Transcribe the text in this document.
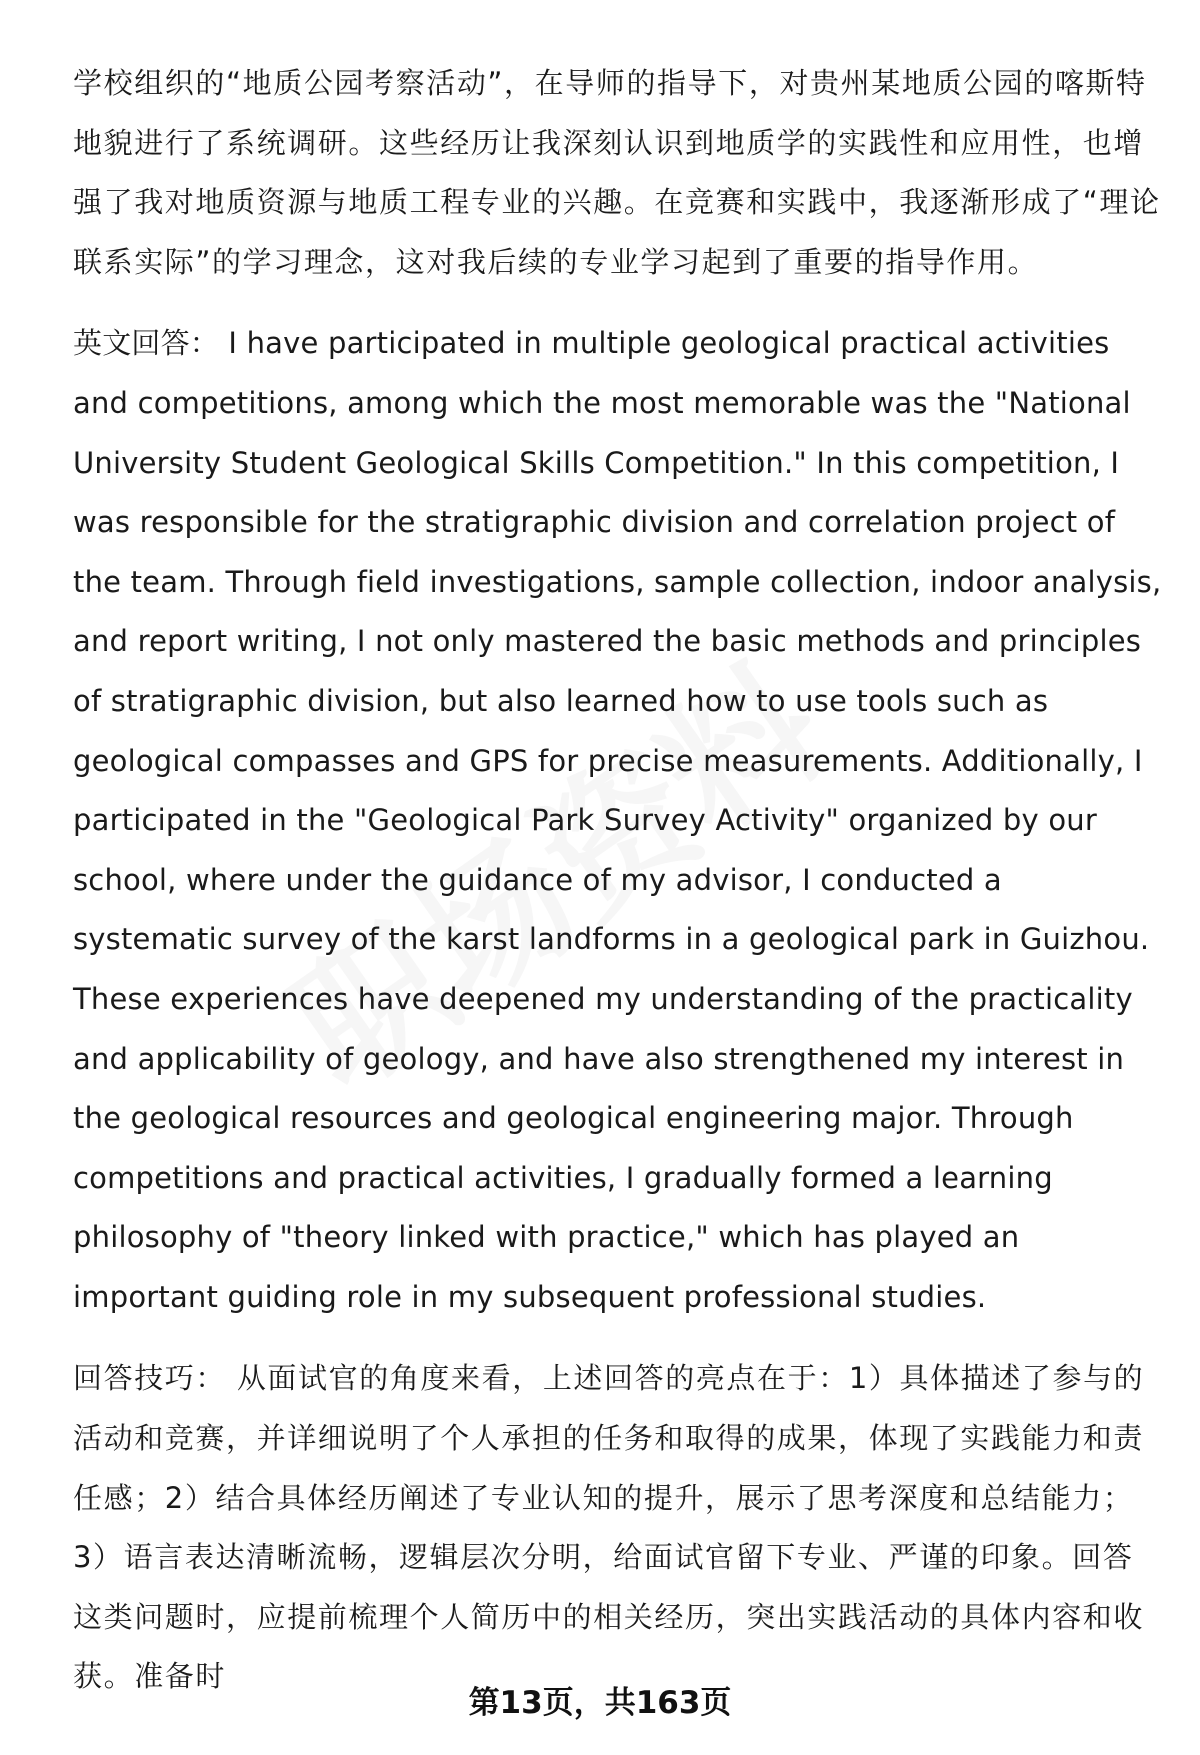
学校组织的“地质公园考察活动”，在导师的指导下，对贵州某地质公园的喀斯特地貌进行了系统调研。这些经历让我深刻认识到地质学的实践性和应用性，也增强了我对地质资源与地质工程专业的兴趣。在竞赛和实践中，我逐渐形成了“理论联系实际”的学习理念，这对我后续的专业学习起到了重要的指导作用。

英文回答： I have participated in multiple geological practical activities and competitions, among which the most memorable was the "National University Student Geological Skills Competition." In this competition, I was responsible for the stratigraphic division and correlation project of the team. Through field investigations, sample collection, indoor analysis, and report writing, I not only mastered the basic methods and principles of stratigraphic division, but also learned how to use tools such as geological compasses and GPS for precise measurements. Additionally, I participated in the "Geological Park Survey Activity" organized by our school, where under the guidance of my advisor, I conducted a systematic survey of the karst landforms in a geological park in Guizhou. These experiences have deepened my understanding of the practicality and applicability of geology, and have also strengthened my interest in the geological resources and geological engineering major. Through competitions and practical activities, I gradually formed a learning philosophy of "theory linked with practice," which has played an important guiding role in my subsequent professional studies.

回答技巧： 从面试官的角度来看，上述回答的亮点在于：1）具体描述了参与的活动和竞赛，并详细说明了个人承担的任务和取得的成果，体现了实践能力和责任感；2）结合具体经历阐述了专业认知的提升，展示了思考深度和总结能力；3）语言表达清晰流畅，逻辑层次分明，给面试官留下专业、严谨的印象。回答这类问题时，应提前梳理个人简历中的相关经历，突出实践活动的具体内容和收获。准备时

第13页，共163页
